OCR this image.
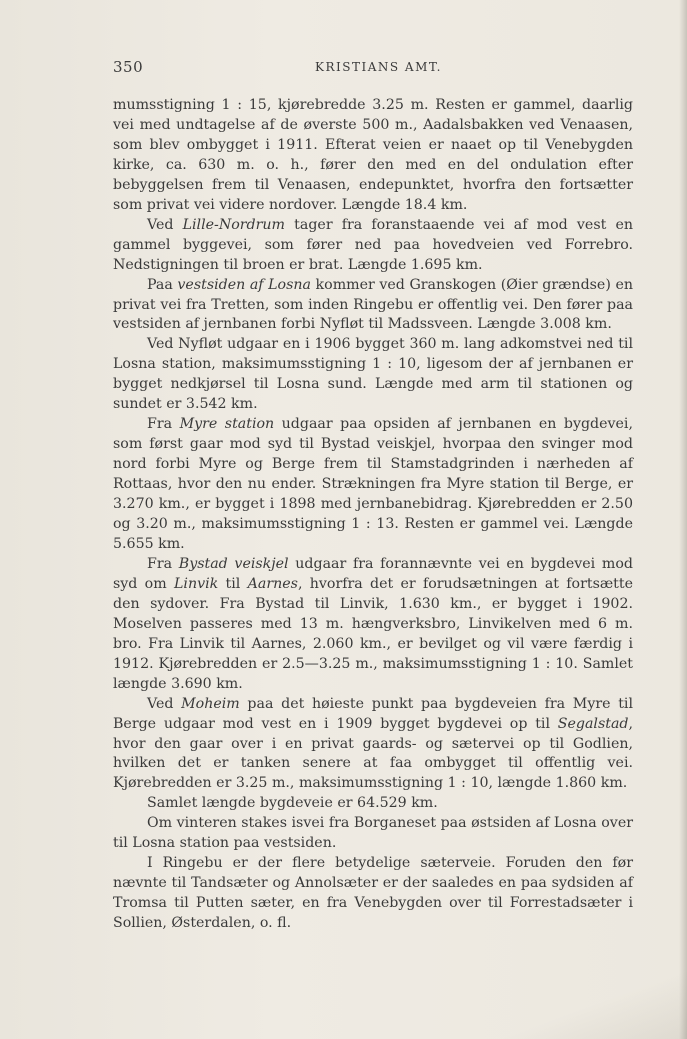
350	KRISTIANS AMT.

mumsstigning 1 : 15, kjørebredde 3.25 m. Resten er gammel, daarlig vei med undtagelse af de øverste 500 m., Aadalsbakken ved Venaasen, som blev ombygget i 1911. Efterat veien er naaet op til Venebygden kirke, ca. 630 m. o. h., fører den med en del ondulation efter bebyggelsen frem til Venaasen, endepunktet, hvorfra den fortsætter som privat vei videre nordover. Længde 18.4 km.

Ved Lille-Nordrum tager fra foranstaaende vei af mod vest en gammel byggevei, som fører ned paa hovedveien ved Forrebro. Nedstigningen til broen er brat. Længde 1.695 km.

Paa vestsiden af Losna kommer ved Granskogen (Øier grændse) en privat vei fra Tretten, som inden Ringebu er offentlig vei. Den fører paa vestsiden af jernbanen forbi Nyfløt til Madssveen. Længde 3.008 km.

Ved Nyfløt udgaar en i 1906 bygget 360 m. lang adkomstvei ned til Losna station, maksimumsstigning 1 : 10, ligesom der af jernbanen er bygget nedkjørsel til Losna sund. Længde med arm til stationen og sundet er 3.542 km.

Fra Myre station udgaar paa opsiden af jernbanen en bygdevei, som først gaar mod syd til Bystad veiskjel, hvorpaa den svinger mod nord forbi Myre og Berge frem til Stamstadgrinden i nærheden af Rottaas, hvor den nu ender. Strækningen fra Myre station til Berge, er 3.270 km., er bygget i 1898 med jernbanebidrag. Kjørebredden er 2.50 og 3.20 m., maksimumsstigning 1 : 13. Resten er gammel vei. Længde 5.655 km.

Fra Bystad veiskjel udgaar fra forannævnte vei en bygdevei mod syd om Linvik til Aarnes, hvorfra det er forudsætningen at fortsætte den sydover. Fra Bystad til Linvik, 1.630 km., er bygget i 1902. Moselven passeres med 13 m. hængverksbro, Linvikelven med 6 m. bro. Fra Linvik til Aarnes, 2.060 km., er bevilget og vil være færdig i 1912. Kjørebredden er 2.5—3.25 m., maksimumsstigning 1 : 10. Samlet længde 3.690 km.

Ved Moheim paa det høieste punkt paa bygdeveien fra Myre til Berge udgaar mod vest en i 1909 bygget bygdevei op til Segalstad, hvor den gaar over i en privat gaards- og sætervei op til Godlien, hvilken det er tanken senere at faa ombygget til offentlig vei. Kjørebredden er 3.25 m., maksimumsstigning 1 : 10, længde 1.860 km.

Samlet længde bygdeveie er 64.529 km.

Om vinteren stakes isvei fra Borganeset paa østsiden af Losna over til Losna station paa vestsiden.

I Ringebu er der flere betydelige sæterveie. Foruden den før nævnte til Tandsæter og Annolsæter er der saaledes en paa sydsiden af Tromsa til Putten sæter, en fra Venebygden over til Forrestadsæter i Sollien, Østerdalen, o. fl.
